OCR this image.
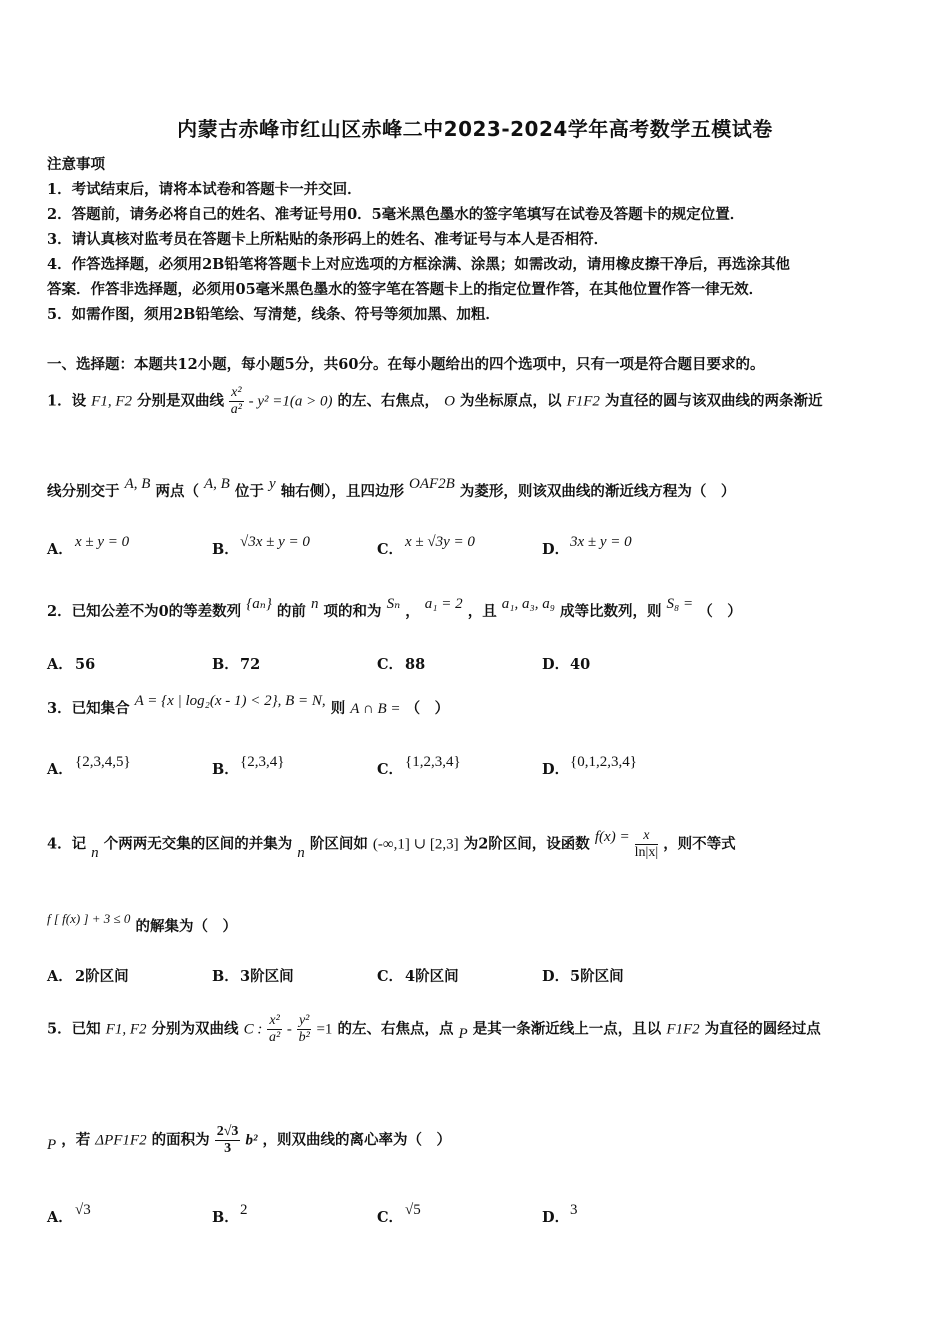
内蒙古赤峰市红山区赤峰二中2023-2024学年高考数学五模试卷
注意事项
1．考试结束后，请将本试卷和答题卡一并交回．
2．答题前，请务必将自己的姓名、准考证号用0．5毫米黑色墨水的签字笔填写在试卷及答题卡的规定位置．
3．请认真核对监考员在答题卡上所粘贴的条形码上的姓名、准考证号与本人是否相符．
4．作答选择题，必须用2B铅笔将答题卡上对应选项的方框涂满、涂黑；如需改动，请用橡皮擦干净后，再选涂其他
答案．作答非选择题，必须用05毫米黑色墨水的签字笔在答题卡上的指定位置作答，在其他位置作答一律无效．
5．如需作图，须用2B铅笔绘、写清楚，线条、符号等须加黑、加粗．
一、选择题：本题共12小题，每小题5分，共60分。在每小题给出的四个选项中，只有一项是符合题目要求的。
1．设 F1, F2 分别是双曲线 $\frac{\text{x²}}{\text{a²}} - y^2 =1(a > 0)$ 的左、右焦点， O 为坐标原点，以 F1F2 为直径的圆与该双曲线的两条渐近
线分别交于 A, B 两点（ A, B 位于 y 轴右侧），且四边形 OAF2B 为菱形，则该双曲线的渐近线方程为（　）
A． x ± y = 0	B．√3x ± y = 0	C． x ± √3y = 0	D．3x ± y = 0
2．已知公差不为0的等差数列 {aₙ} 的前 n 项的和为 Sₙ ， a₁ = 2 ，且 a₁, a₃, a₉ 成等比数列，则 S₈ = （　）
A． 56	B．72	C． 88	D．40
3．已知集合 A = {x | log₂(x - 1) < 2}, B = N, 则 A ∩ B = （　）
A． {2,3,4,5}	B．{2,3,4}	C． {1,2,3,4}	D．{0,1,2,3,4}
4．记 n 个两两无交集的区间的并集为 n 阶区间如 (-∞,1] ∪ [2,3] 为2阶区间，设函数 $f(x) = \frac{x}{\ln|x|}$ ，则不等式
f [ f(x) ] + 3 ≤ 0 的解集为（　）
A． 2阶区间	B．3阶区间	C． 4阶区间	D．5阶区间
5．已知 F1, F2 分别为双曲线 C : $\frac{\text{x²}}{\text{a²}} - \frac{\text{y²}}{\text{b²}} =1$ 的左、右焦点，点 P 是其一条渐近线上一点，且以 F1F2 为直径的圆经过点
P ，若 ΔPF1F2 的面积为 $\frac{2√3}{3} b^2$ ，则双曲线的离心率为（　）
A． √3	B．2	C． √5	D．3
